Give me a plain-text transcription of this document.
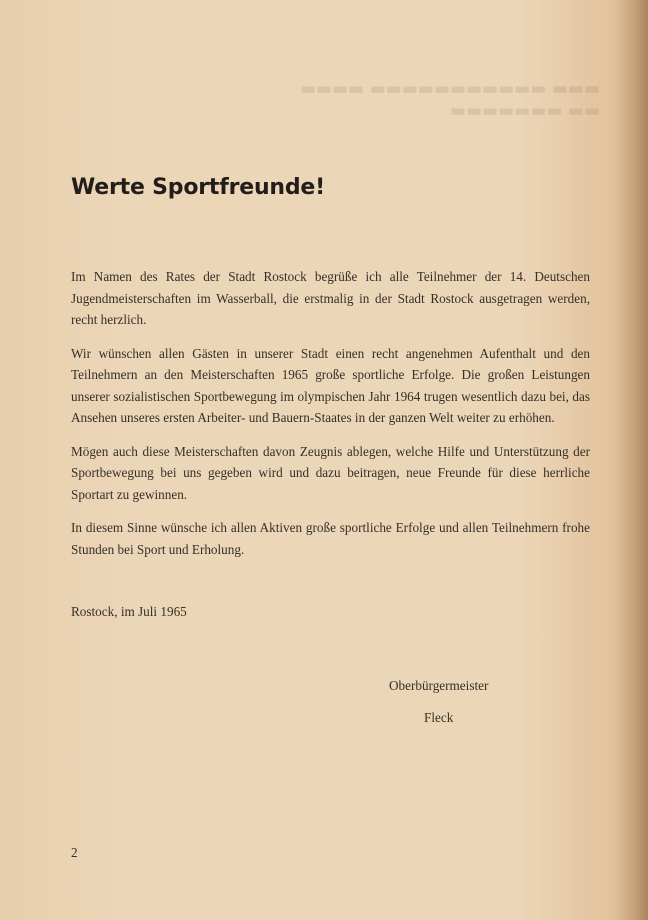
▬▬▬ ▬▬▬▬▬▬▬▬▬▬▬ ▬▬▬▬
▬▬ ▬▬▬▬▬▬▬
Werte Sportfreunde!

Im Namen des Rates der Stadt Rostock begrüße ich alle Teilnehmer der 14. Deutschen Jugendmeisterschaften im Wasserball, die erstmalig in der Stadt Rostock ausgetragen werden, recht herzlich.

Wir wünschen allen Gästen in unserer Stadt einen recht angenehmen Aufenthalt und den Teilnehmern an den Meisterschaften 1965 große sportliche Erfolge. Die großen Leistungen unserer sozialistischen Sportbewegung im olympischen Jahr 1964 trugen wesentlich dazu bei, das Ansehen unseres ersten Arbeiter- und Bauern-Staates in der ganzen Welt weiter zu erhöhen.

Mögen auch diese Meisterschaften davon Zeugnis ablegen, welche Hilfe und Unterstützung der Sportbewegung bei uns gegeben wird und dazu beitragen, neue Freunde für diese herrliche Sportart zu gewinnen.

In diesem Sinne wünsche ich allen Aktiven große sportliche Erfolge und allen Teilnehmern frohe Stunden bei Sport und Erholung.

Rostock, im Juli 1965
Oberbürgermeister
Fleck
2
